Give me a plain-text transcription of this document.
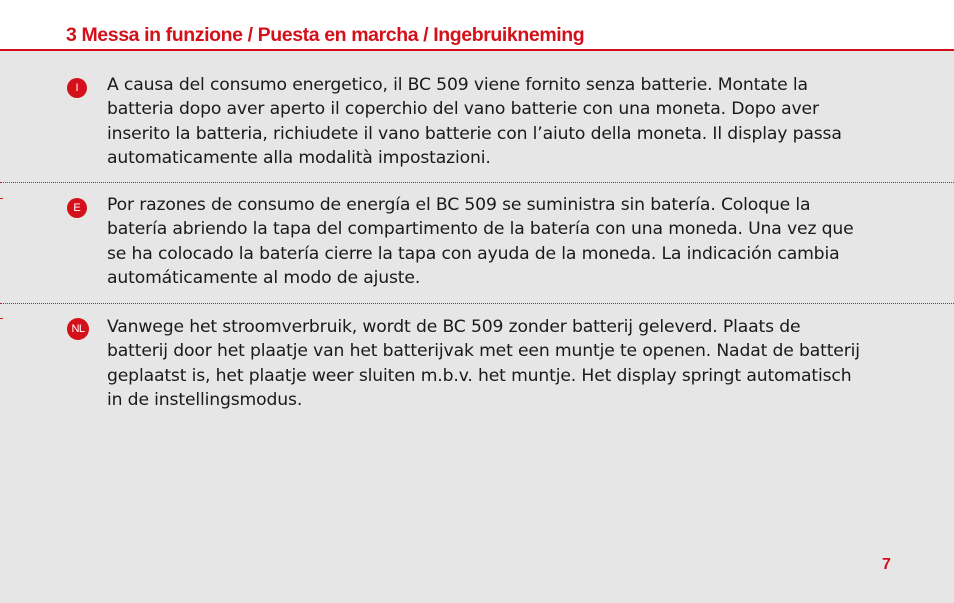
3 Messa in funzione / Puesta en marcha / Ingebruikneming
I	A causa del consumo energetico, il BC 509 viene fornito senza batterie. Montate la
batteria dopo aver aperto il coperchio del vano batterie con una moneta. Dopo aver
inserito la batteria, richiudete il vano batterie con l’aiuto della moneta. Il display passa
automaticamente alla modalità impostazioni.

E	Por razones de consumo de energía el BC 509 se suministra sin batería. Coloque la
batería abriendo la tapa del compartimento de la batería con una moneda. Una vez que
se ha colocado la batería cierre la tapa con ayuda de la moneda. La indicación cambia
automáticamente al modo de ajuste.

NL Vanwege het stroomverbruik, wordt de BC 509 zonder batterij geleverd. Plaats de
batterij door het plaatje van het batterijvak met een muntje te openen. Nadat de batterij
geplaatst is, het plaatje weer sluiten m.b.v. het muntje. Het display springt automatisch
in de instellingsmodus.

7
